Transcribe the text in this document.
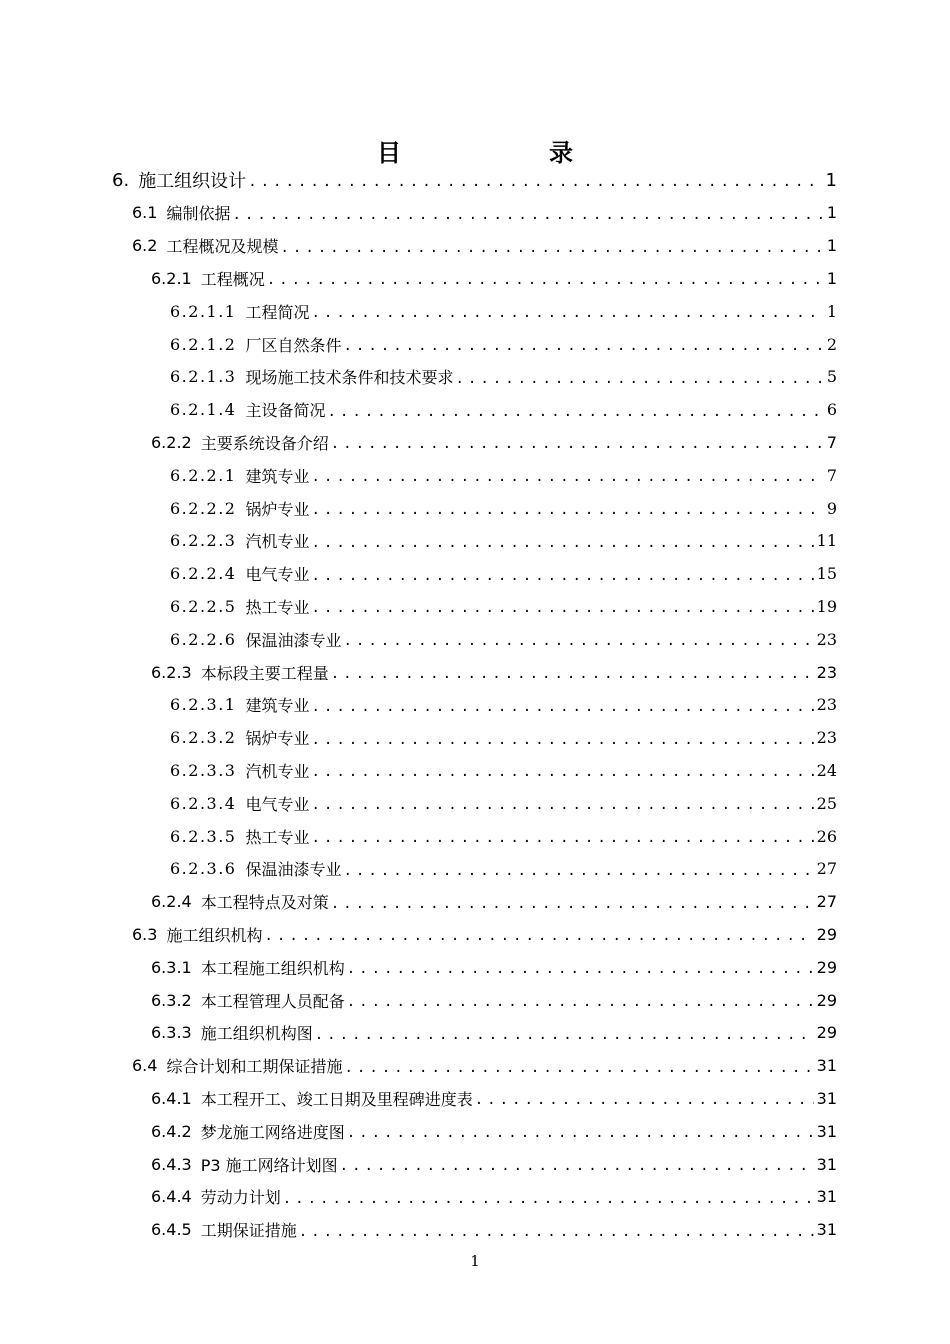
目　录
6. 施工组织设计 .....	1
6.1 编制依据 .....	1
6.2 工程概况及规模 .....	1
6.2.1 工程概况 .....	1
6.2.1.1 工程简况 .....	1
6.2.1.2 厂区自然条件 .....	2
6.2.1.3 现场施工技术条件和技术要求 .....	5
6.2.1.4 主设备简况 .....	6
6.2.2 主要系统设备介绍 .....	7
6.2.2.1 建筑专业 .....	7
6.2.2.2 锅炉专业 .....	9
6.2.2.3 汽机专业 .....	11
6.2.2.4 电气专业 .....	15
6.2.2.5 热工专业 .....	19
6.2.2.6 保温油漆专业 .....	23
6.2.3 本标段主要工程量 .....	23
6.2.3.1 建筑专业 .....	23
6.2.3.2 锅炉专业 .....	23
6.2.3.3 汽机专业 .....	24
6.2.3.4 电气专业 .....	25
6.2.3.5 热工专业 .....	26
6.2.3.6 保温油漆专业 .....	27
6.2.4 本工程特点及对策 .....	27
6.3 施工组织机构 .....	29
6.3.1 本工程施工组织机构 .....	29
6.3.2 本工程管理人员配备 .....	29
6.3.3 施工组织机构图 .....	29
6.4 综合计划和工期保证措施 .....	31
6.4.1 本工程开工、竣工日期及里程碑进度表 .....	31
6.4.2 梦龙施工网络进度图 .....	31
6.4.3 P3 施工网络计划图 .....	31
6.4.4 劳动力计划 .....	31
6.4.5 工期保证措施 .....	31
1
